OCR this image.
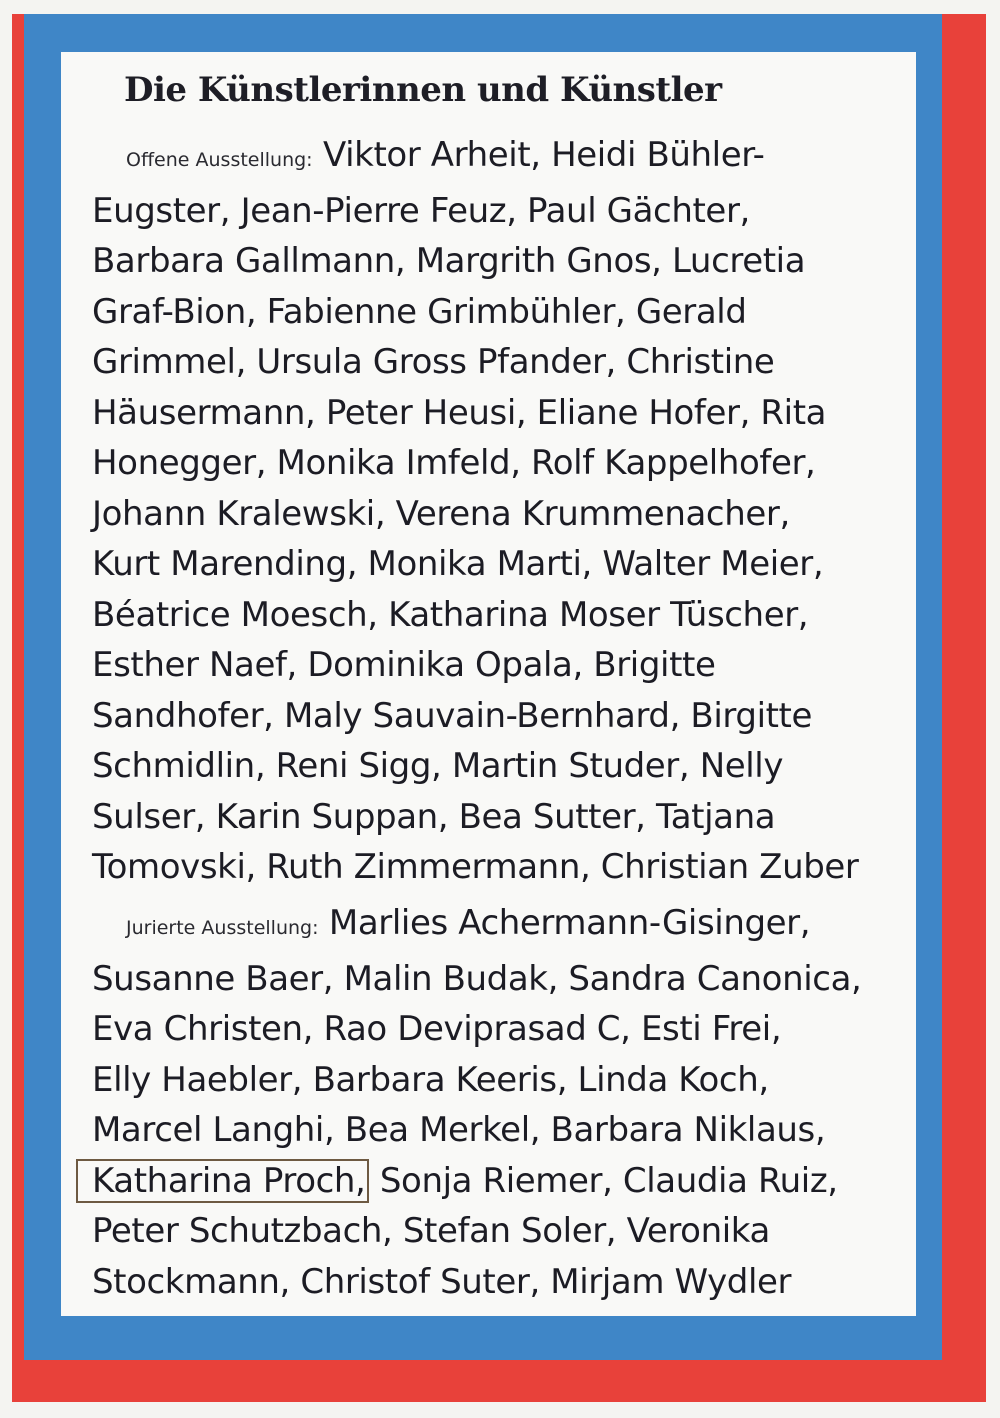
Die Künstlerinnen und Künstler
Offene Ausstellung: Viktor Arheit, Heidi Bühler-
Eugster, Jean-Pierre Feuz, Paul Gächter,
Barbara Gallmann, Margrith Gnos, Lucretia
Graf-Bion, Fabienne Grimbühler, Gerald
Grimmel, Ursula Gross Pfander, Christine
Häusermann, Peter Heusi, Eliane Hofer, Rita
Honegger, Monika Imfeld, Rolf Kappelhofer,
Johann Kralewski, Verena Krummenacher,
Kurt Marending, Monika Marti, Walter Meier,
Béatrice Moesch, Katharina Moser Tüscher,
Esther Naef, Dominika Opala, Brigitte
Sandhofer, Maly Sauvain-Bernhard, Birgitte
Schmidlin, Reni Sigg, Martin Studer, Nelly
Sulser, Karin Suppan, Bea Sutter, Tatjana
Tomovski, Ruth Zimmermann, Christian Zuber
Jurierte Ausstellung: Marlies Achermann-Gisinger,
Susanne Baer, Malin Budak, Sandra Canonica,
Eva Christen, Rao Deviprasad C, Esti Frei,
Elly Haebler, Barbara Keeris, Linda Koch,
Marcel Langhi, Bea Merkel, Barbara Niklaus,
Katharina Proch, Sonja Riemer, Claudia Ruiz,
Peter Schutzbach, Stefan Soler, Veronika
Stockmann, Christof Suter, Mirjam Wydler
